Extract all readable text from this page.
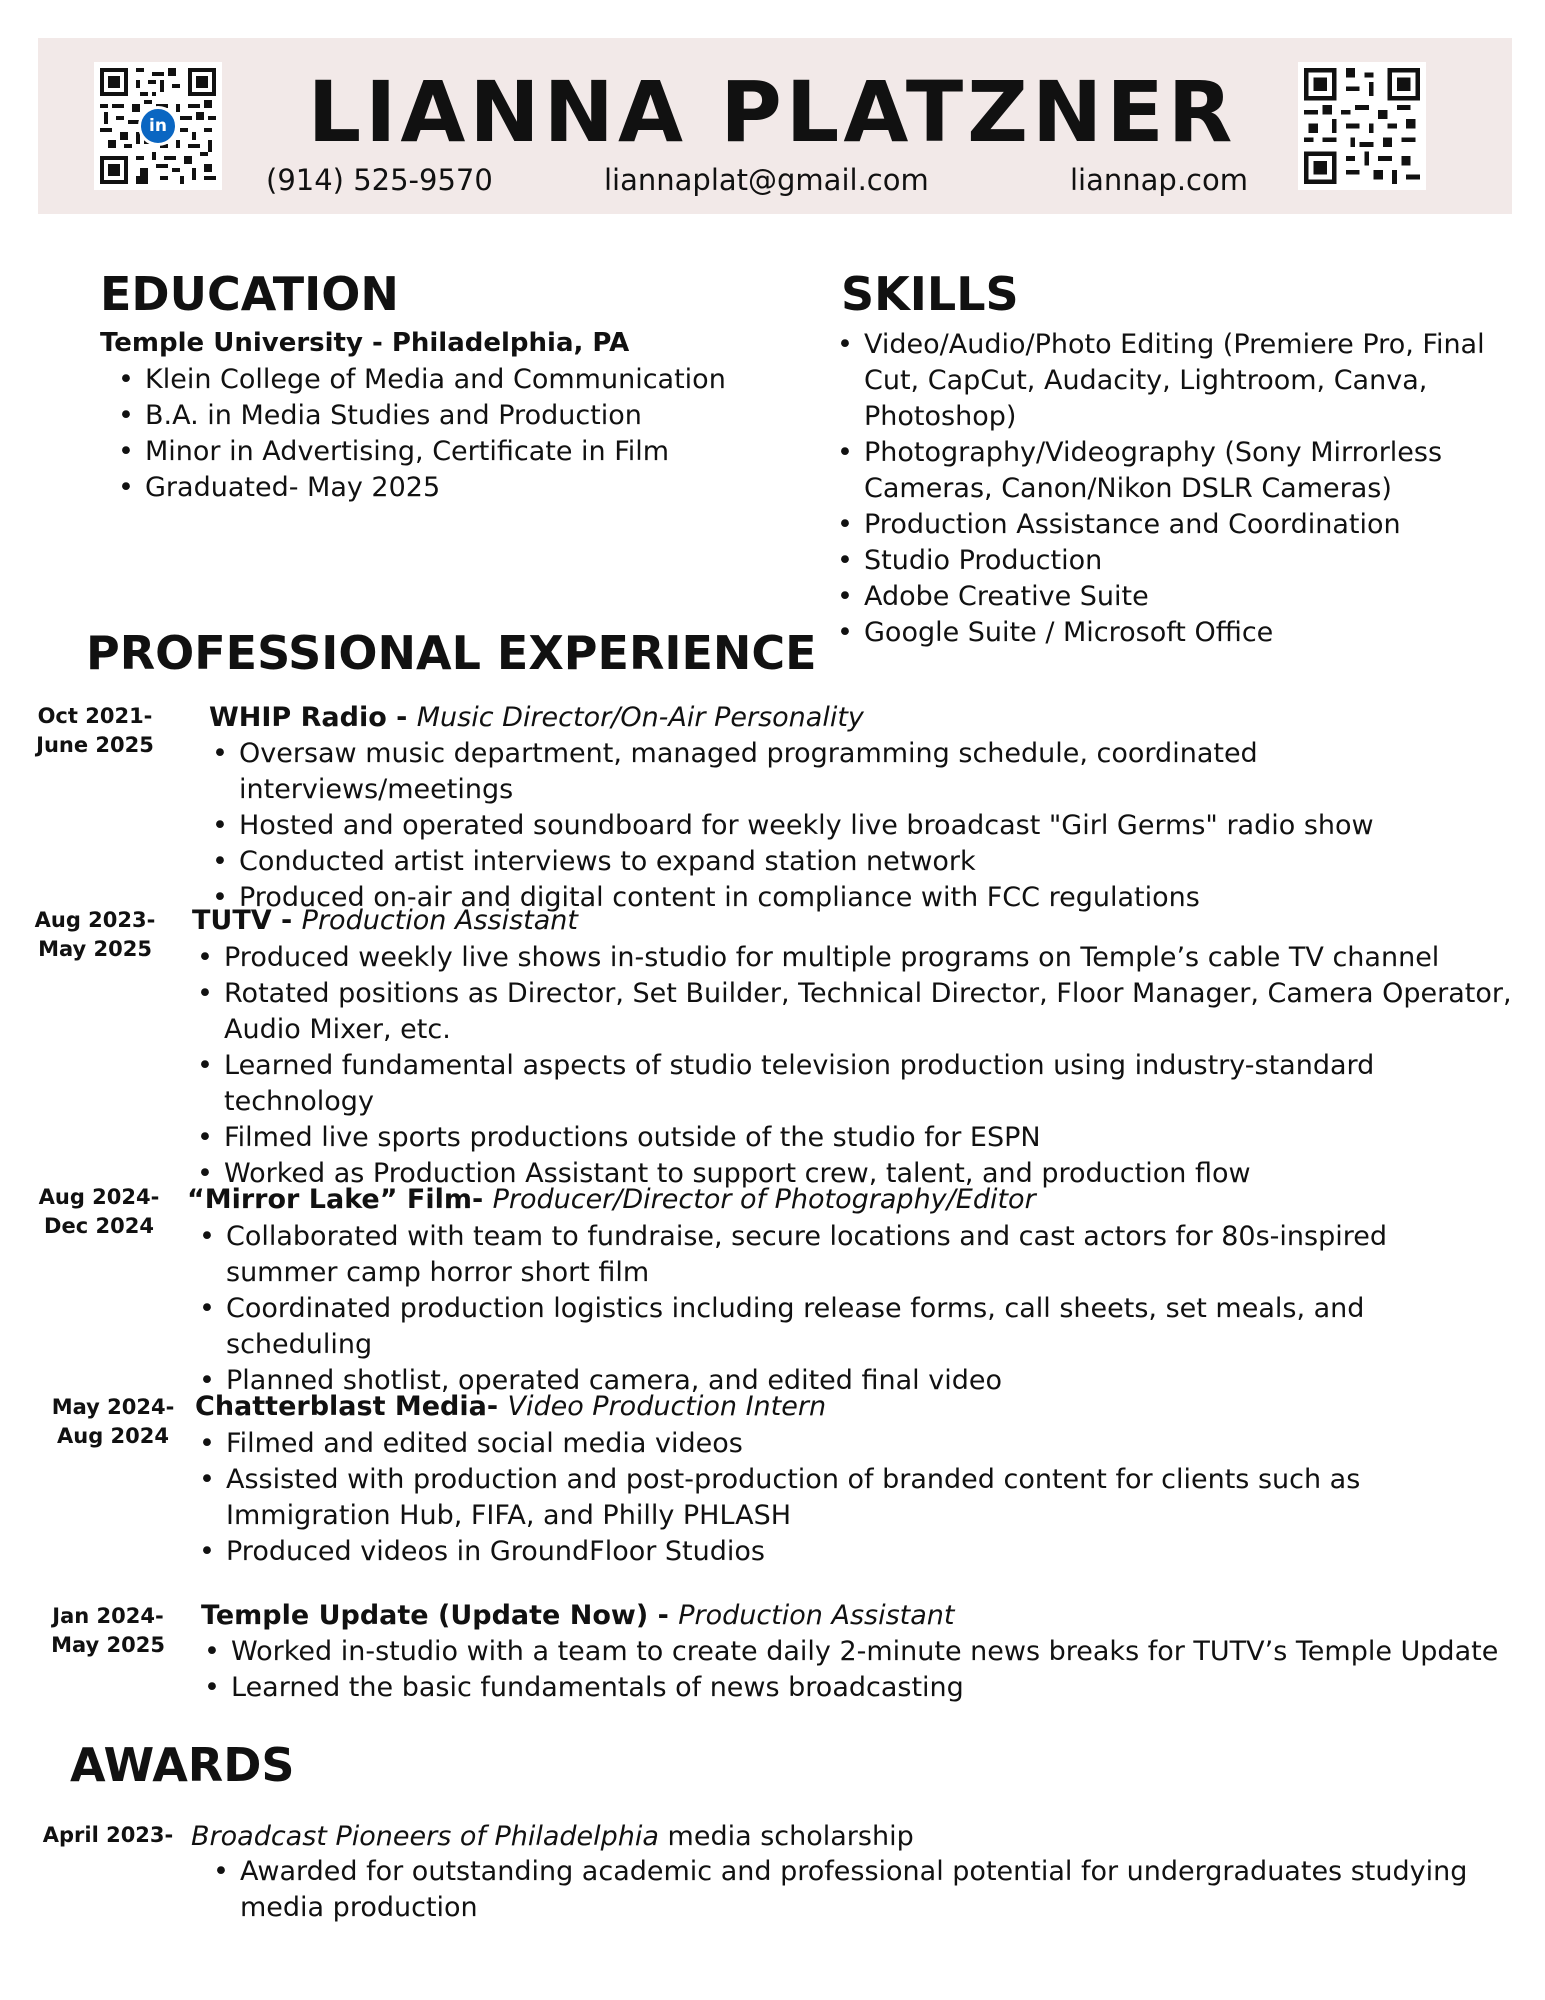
in LIANNA PLATZNER
(914) 525-9570	liannaplat@gmail.com	liannap.com
EDUCATION
Temple University - Philadelphia, PA
• Klein College of Media and Communication
• B.A. in Media Studies and Production
• Minor in Advertising, Certificate in Film
• Graduated- May 2025
SKILLS
• Video/Audio/Photo Editing (Premiere Pro, Final Cut, CapCut, Audacity, Lightroom, Canva, Photoshop)
• Photography/Videography (Sony Mirrorless Cameras, Canon/Nikon DSLR Cameras)
• Production Assistance and Coordination
• Studio Production
• Adobe Creative Suite
• Google Suite / Microsoft Office
PROFESSIONAL EXPERIENCE
Oct 2021-
June 2025
WHIP Radio - Music Director/On-Air Personality
• Oversaw music department, managed programming schedule, coordinated interviews/meetings
• Hosted and operated soundboard for weekly live broadcast "Girl Germs" radio show
• Conducted artist interviews to expand station network
• Produced on-air and digital content in compliance with FCC regulations
Aug 2023-
May 2025
TUTV - Production Assistant
• Produced weekly live shows in-studio for multiple programs on Temple’s cable TV channel
• Rotated positions as Director, Set Builder, Technical Director, Floor Manager, Camera Operator, Audio Mixer, etc.
• Learned fundamental aspects of studio television production using industry-standard technology
• Filmed live sports productions outside of the studio for ESPN
• Worked as Production Assistant to support crew, talent, and production flow
Aug 2024-
Dec 2024
“Mirror Lake” Film- Producer/Director of Photography/Editor
• Collaborated with team to fundraise, secure locations and cast actors for 80s-inspired summer camp horror short film
• Coordinated production logistics including release forms, call sheets, set meals, and scheduling
• Planned shotlist, operated camera, and edited final video
May 2024-
Aug 2024
Chatterblast Media- Video Production Intern
• Filmed and edited social media videos
• Assisted with production and post-production of branded content for clients such as Immigration Hub, FIFA, and Philly PHLASH
• Produced videos in GroundFloor Studios
Jan 2024-
May 2025
Temple Update (Update Now) - Production Assistant
• Worked in-studio with a team to create daily 2-minute news breaks for TUTV’s Temple Update
• Learned the basic fundamentals of news broadcasting
AWARDS
April 2023- Broadcast Pioneers of Philadelphia media scholarship
• Awarded for outstanding academic and professional potential for undergraduates studying media production
